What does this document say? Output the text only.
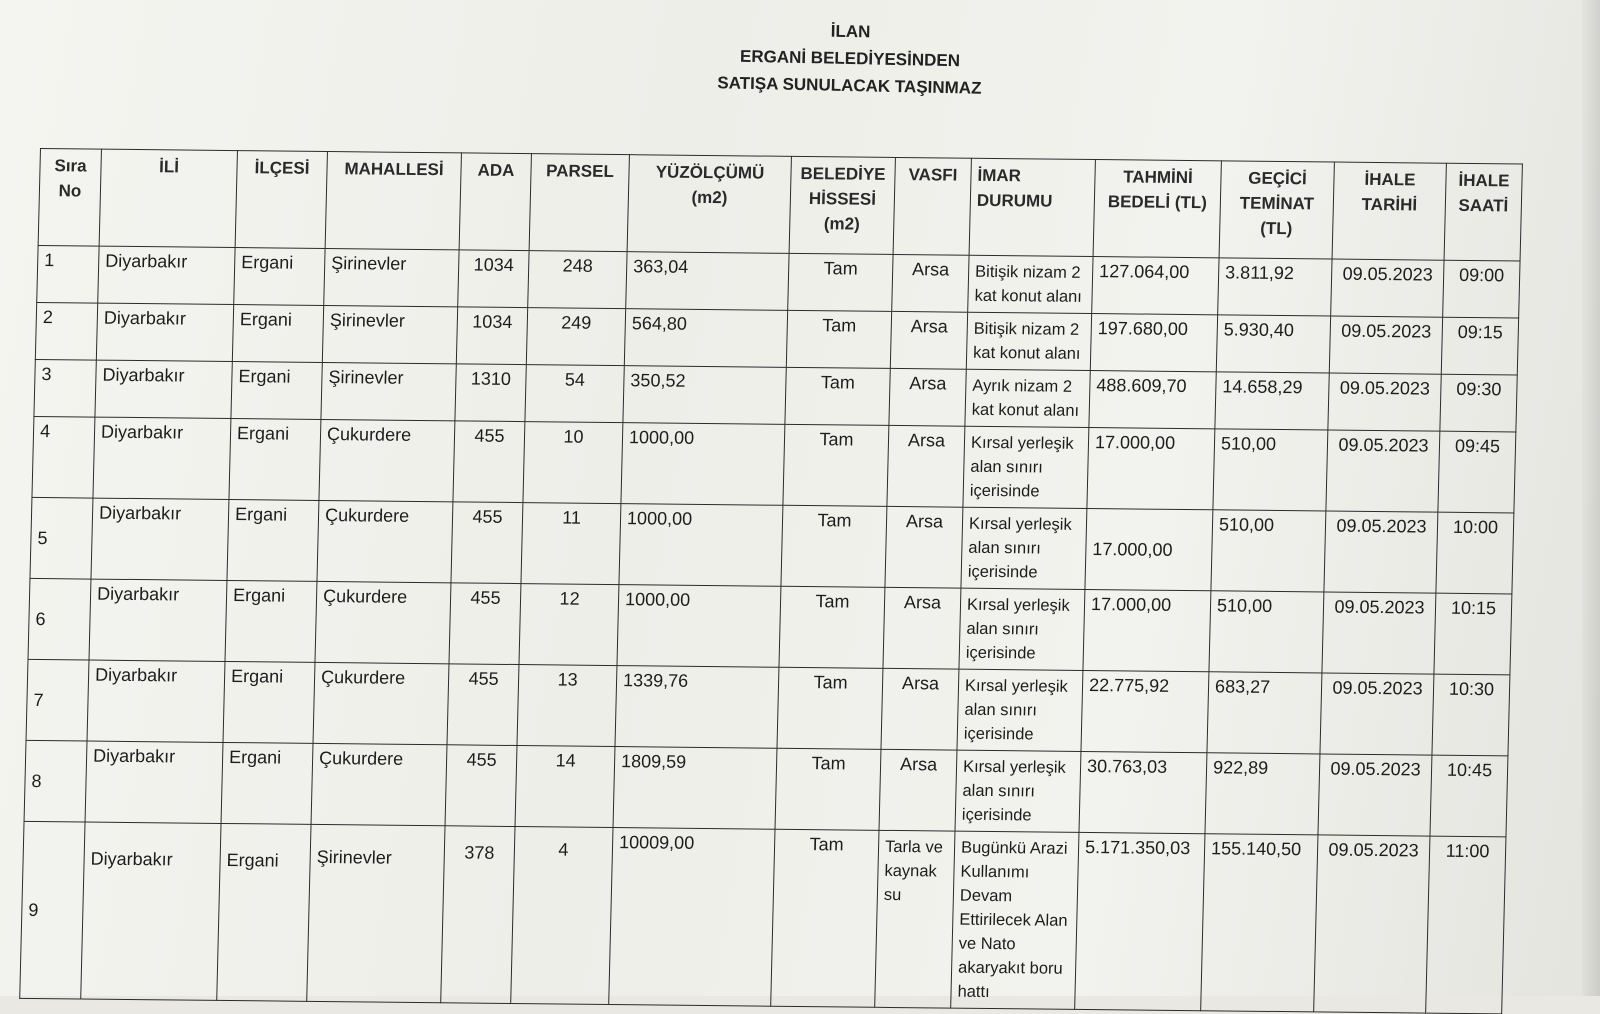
İLAN
ERGANİ BELEDİYESİNDEN
SATIŞA SUNULACAK TAŞINMAZ
Sıra No	İLİ	İLÇESİ	MAHALLESİ	ADA	PARSEL	YÜZÖLÇÜMÜ (m2)	BELEDİYE HİSSESİ (m2)	VASFI	İMAR DURUMU	TAHMİNİ BEDELİ (TL)	GEÇİCİ TEMİNAT (TL)	İHALE TARİHİ	İHALE SAATİ
1	Diyarbakır	Ergani	Şirinevler	1034	248	363,04	Tam	Arsa	Bitişik nizam 2 kat konut alanı	127.064,00	3.811,92	09.05.2023	09:00
2	Diyarbakır	Ergani	Şirinevler	1034	249	564,80	Tam	Arsa	Bitişik nizam 2 kat konut alanı	197.680,00	5.930,40	09.05.2023	09:15
3	Diyarbakır	Ergani	Şirinevler	1310	54	350,52	Tam	Arsa	Ayrık nizam 2 kat konut alanı	488.609,70	14.658,29	09.05.2023	09:30
4	Diyarbakır	Ergani	Çukurdere	455	10	1000,00	Tam	Arsa	Kırsal yerleşik alan sınırı içerisinde	17.000,00	510,00	09.05.2023	09:45
5	Diyarbakır	Ergani	Çukurdere	455	11	1000,00	Tam	Arsa	Kırsal yerleşik alan sınırı içerisinde	17.000,00	510,00	09.05.2023	10:00
6	Diyarbakır	Ergani	Çukurdere	455	12	1000,00	Tam	Arsa	Kırsal yerleşik alan sınırı içerisinde	17.000,00	510,00	09.05.2023	10:15
7	Diyarbakır	Ergani	Çukurdere	455	13	1339,76	Tam	Arsa	Kırsal yerleşik alan sınırı içerisinde	22.775,92	683,27	09.05.2023	10:30
8	Diyarbakır	Ergani	Çukurdere	455	14	1809,59	Tam	Arsa	Kırsal yerleşik alan sınırı içerisinde	30.763,03	922,89	09.05.2023	10:45
9	Diyarbakır	Ergani	Şirinevler	378	4	10009,00	Tam	Tarla ve kaynak su	Bugünkü Arazi Kullanımı Devam Ettirilecek Alan ve Nato akaryakıt boru hattı	5.171.350,03	155.140,50	09.05.2023	11:00
